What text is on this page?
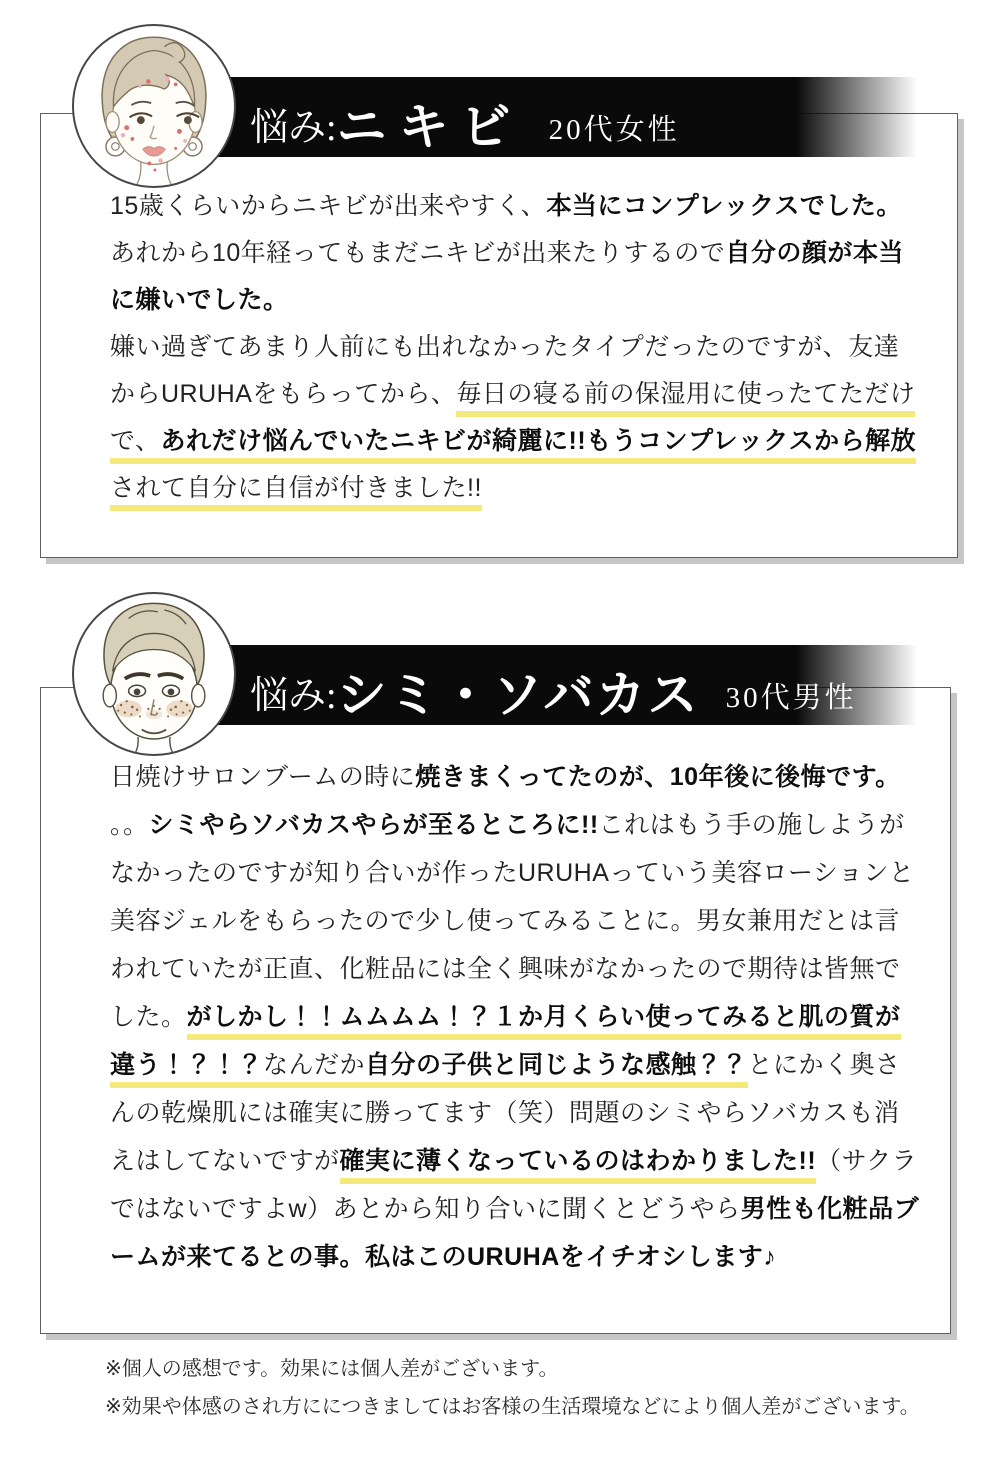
悩み: ニキビ 20代女性
15歳くらいからニキビが出来やすく、本当にコンプレックスでした。
あれから10年経ってもまだニキビが出来たりするので自分の顔が本当
に嫌いでした。
嫌い過ぎてあまり人前にも出れなかったタイプだったのですが、友達
からURUHAをもらってから、毎日の寝る前の保湿用に使ったてただけ
で、あれだけ悩んでいたニキビが綺麗に!!もうコンプレックスから解放
されて自分に自信が付きました!!
悩み: シミ・ソバカス 30代男性
日焼けサロンブームの時に焼きまくってたのが、10年後に後悔です。
。。シミやらソバカスやらが至るところに!!これはもう手の施しようが
なかったのですが知り合いが作ったURUHAっていう美容ローションと
美容ジェルをもらったので少し使ってみることに。男女兼用だとは言
われていたが正直、化粧品には全く興味がなかったので期待は皆無で
した。がしかし！！ムムムム！？１か月くらい使ってみると肌の質が
違う！？！？なんだか自分の子供と同じような感触？？とにかく奥さ
んの乾燥肌には確実に勝ってます（笑）問題のシミやらソバカスも消
えはしてないですが確実に薄くなっているのはわかりました!!（サクラ
ではないですよw）あとから知り合いに聞くとどうやら男性も化粧品ブ
ームが来てるとの事。私はこのURUHAをイチオシします♪
※個人の感想です。効果には個人差がございます。
※効果や体感のされ方ににつきましてはお客様の生活環境などにより個人差がございます。
